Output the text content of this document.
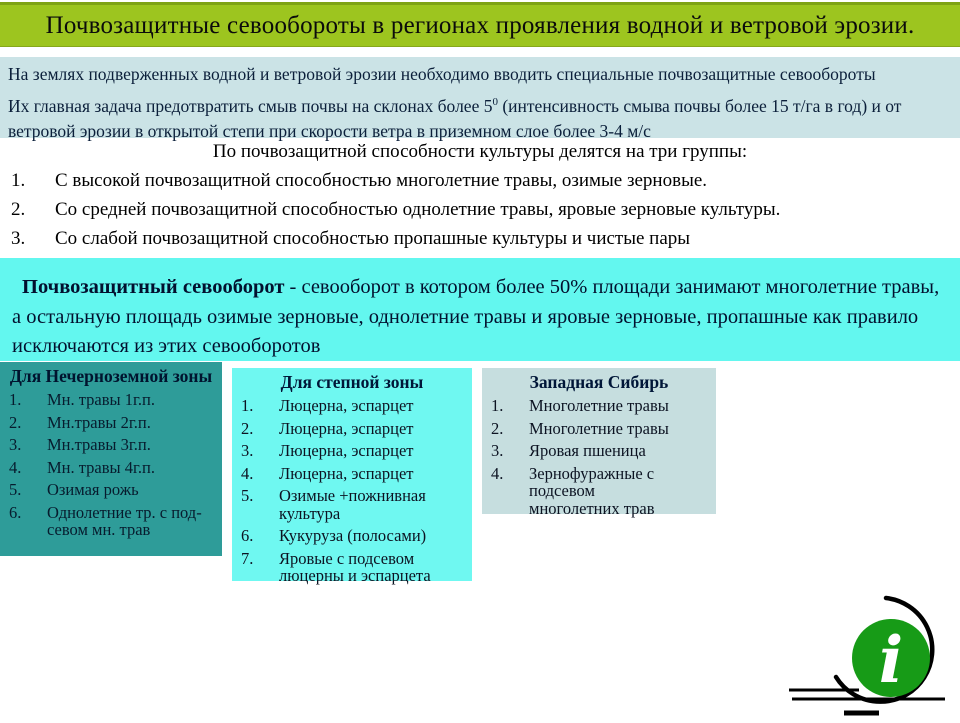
Почвозащитные севообороты в регионах проявления водной и ветровой эрозии.

На землях подверженных водной и ветровой эрозии необходимо вводить специальные почвозащитные севообороты

Их главная задача предотвратить смыв почвы на склонах более $5^0$ (интенсивность смыва почвы более 15 т/га в год) и от ветровой эрозии в открытой степи при скорости ветра в приземном слое более 3-4 м/с

По почвозащитной способности культуры делятся на три группы:
1.	С высокой почвозащитной способностью многолетние травы, озимые зерновые.
2.	Со средней почвозащитной способностью однолетние травы, яровые зерновые культуры.
3.	Со слабой почвозащитной способностью пропашные культуры и чистые пары
Почвозащитный севооборот - севооборот в котором более 50% площади занимают многолетние травы, а остальную площадь озимые зерновые, однолетние травы и яровые зерновые, пропашные как правило исключаются из этих севооборотов
Для Нечерноземной зоны
1.	Мн. травы 1г.п.
2.	Мн.травы 2г.п.
3.	Мн.травы 3г.п.
4.	Мн. травы 4г.п.
5.	Озимая рожь
6.	Однолетние тр. с под- севом мн. трав
Для степной зоны
1.	Люцерна, эспарцет
2.	Люцерна, эспарцет
3.	Люцерна, эспарцет
4.	Люцерна, эспарцет
5.	Озимые +пожнивная культура
6.	Кукуруза (полосами)
7.	Яровые с подсевом люцерны и эспарцета
Западная Сибирь
1.	Многолетние травы
2.	Многолетние травы
3.	Яровая пшеница
4.	Зернофуражные с подсевом многолетних трав
i
